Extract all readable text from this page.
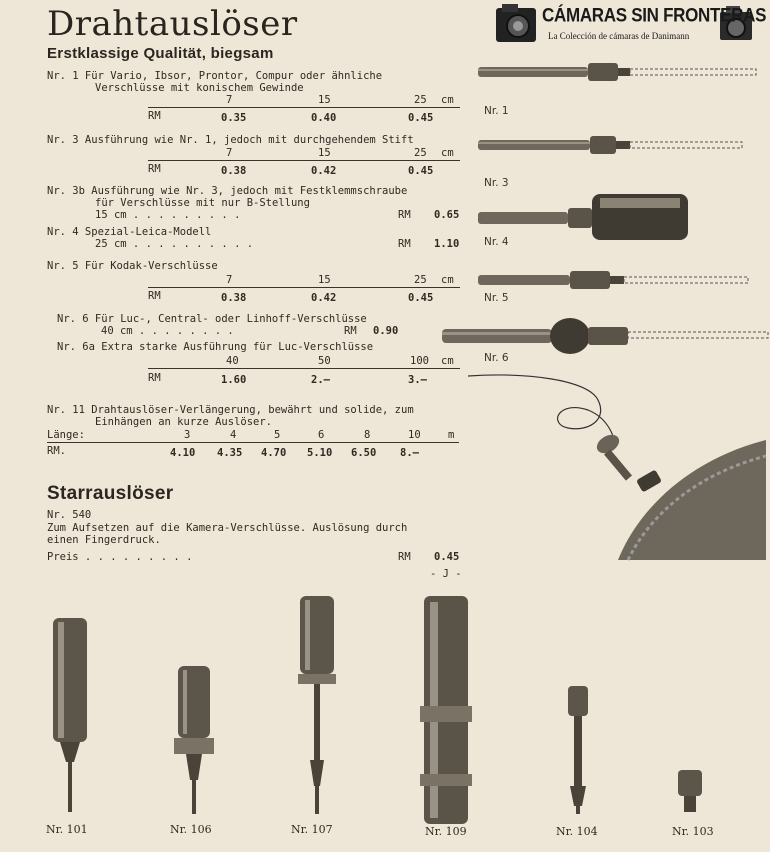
Drahtauslöser
Erstklassige Qualität, biegsam
CÁMARAS SIN FRONTERAS
La Colección de cámaras de Danimann
Nr. 1 Für Vario, Ibsor, Prontor, Compur oder ähnliche
Verschlüsse mit konischem Gewinde
7	15	25 cm
RM	0.35	0.40	0.45
Nr. 3 Ausführung wie Nr. 1, jedoch mit durchgehendem Stift
7	15	25 cm
RM	0.38	0.42	0.45
Nr. 3b Ausführung wie Nr. 3, jedoch mit Festklemmschraube
für Verschlüsse mit nur B-Stellung
15 cm . . . . . . . . .	RM 0.65
Nr. 4 Spezial-Leica-Modell
25 cm . . . . . . . . . .	RM 1.10
Nr. 5 Für Kodak-Verschlüsse
7	15	25 cm
RM	0.38	0.42	0.45
Nr. 6 Für Luc-, Central- oder Linhoff-Verschlüsse
40 cm . . . . . . . .	RM 0.90
Nr. 6a Extra starke Ausführung für Luc-Verschlüsse
40	50	100 cm
RM	1.60	2.—	3.—
Nr. 11 Drahtauslöser-Verlängerung, bewährt und solide, zum
Einhängen an kurze Auslöser.
Länge:	3	4	5	6	8	10	m
RM.	4.10 4.35 4.70 5.10 6.50 8.—
Starrauslöser
Nr. 540
Zum Aufsetzen auf die Kamera-Verschlüsse. Auslösung durch
einen Fingerdruck.
Preis . . . . . . . . .	RM 0.45
- J -
Nr. 1
Nr. 3
Nr. 4
Nr. 5
Nr. 6
Nr. 101	Nr. 106	Nr. 107	Nr. 109	Nr. 104	Nr. 103
